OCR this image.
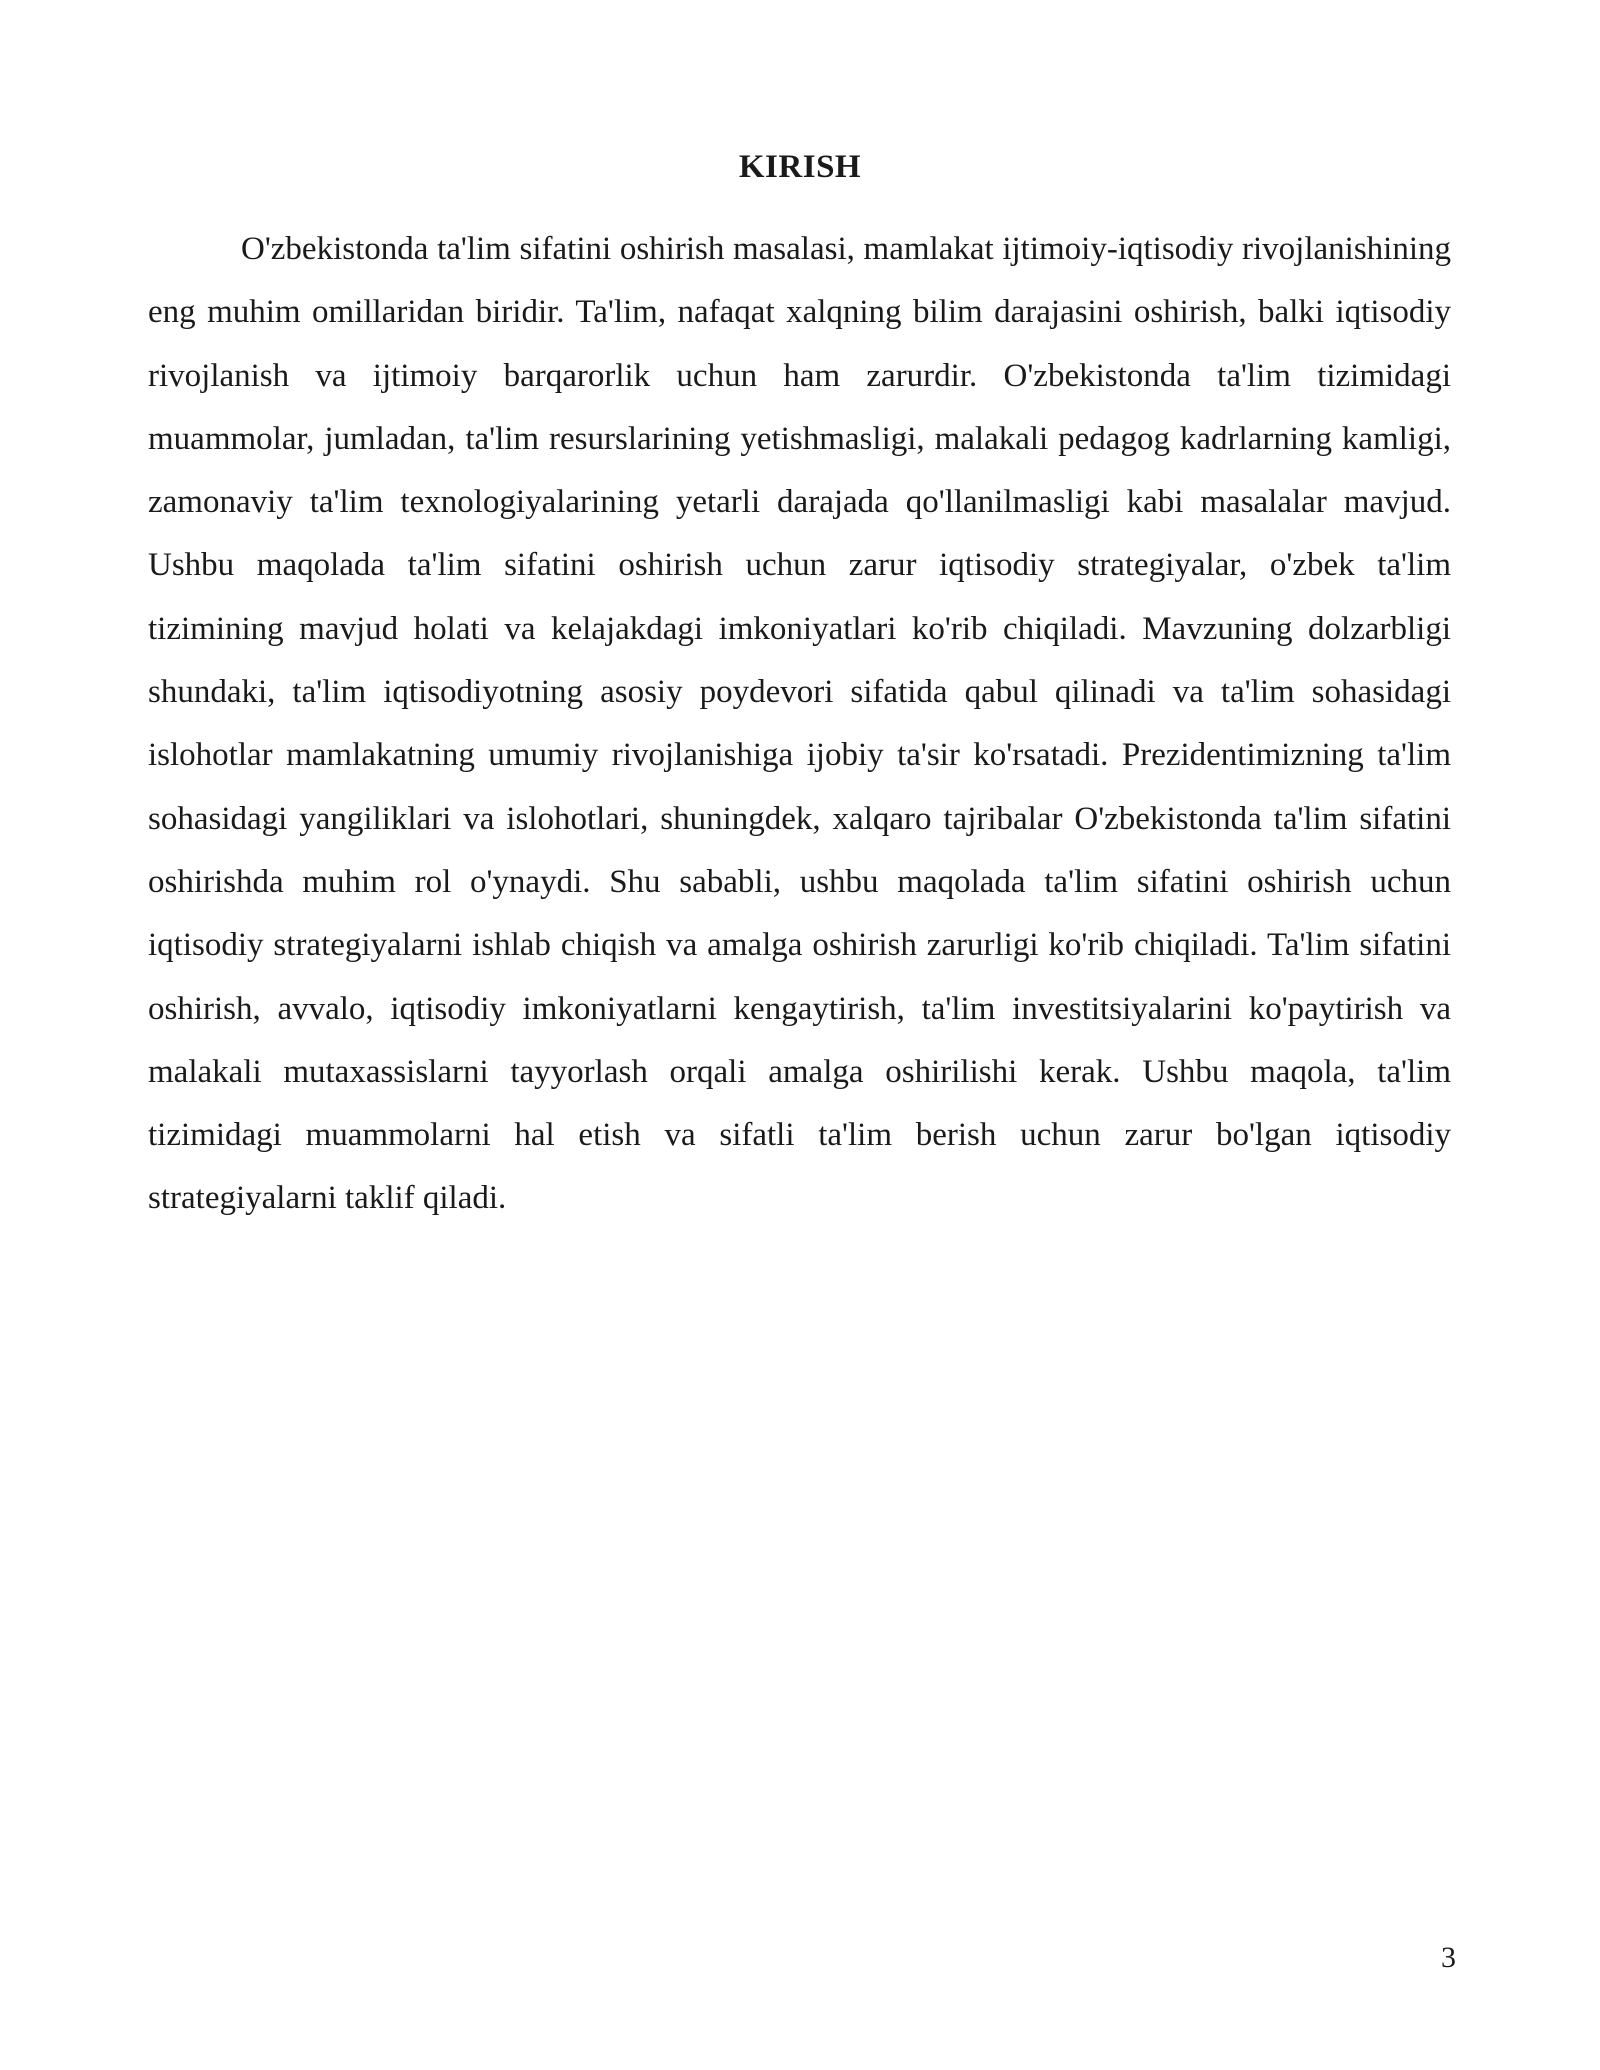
KIRISH

O'zbekistonda ta'lim sifatini oshirish masalasi, mamlakat ijtimoiy-iqtisodiy rivojlanishining eng muhim omillaridan biridir. Ta'lim, nafaqat xalqning bilim darajasini oshirish, balki iqtisodiy rivojlanish va ijtimoiy barqarorlik uchun ham zarurdir. O'zbekistonda ta'lim tizimidagi muammolar, jumladan, ta'lim resurslarining yetishmasligi, malakali pedagog kadrlarning kamligi, zamonaviy ta'lim texnologiyalarining yetarli darajada qo'llanilmasligi kabi masalalar mavjud. Ushbu maqolada ta'lim sifatini oshirish uchun zarur iqtisodiy strategiyalar, o'zbek ta'lim tizimining mavjud holati va kelajakdagi imkoniyatlari ko'rib chiqiladi. Mavzuning dolzarbligi shundaki, ta'lim iqtisodiyotning asosiy poydevori sifatida qabul qilinadi va ta'lim sohasidagi islohotlar mamlakatning umumiy rivojlanishiga ijobiy ta'sir ko'rsatadi. Prezidentimizning ta'lim sohasidagi yangiliklari va islohotlari, shuningdek, xalqaro tajribalar O'zbekistonda ta'lim sifatini oshirishda muhim rol o'ynaydi. Shu sababli, ushbu maqolada ta'lim sifatini oshirish uchun iqtisodiy strategiyalarni ishlab chiqish va amalga oshirish zarurligi ko'rib chiqiladi. Ta'lim sifatini oshirish, avvalo, iqtisodiy imkoniyatlarni kengaytirish, ta'lim investitsiyalarini ko'paytirish va malakali mutaxassislarni tayyorlash orqali amalga oshirilishi kerak. Ushbu maqola, ta'lim tizimidagi muammolarni hal etish va sifatli ta'lim berish uchun zarur bo'lgan iqtisodiy strategiyalarni taklif qiladi.

3
